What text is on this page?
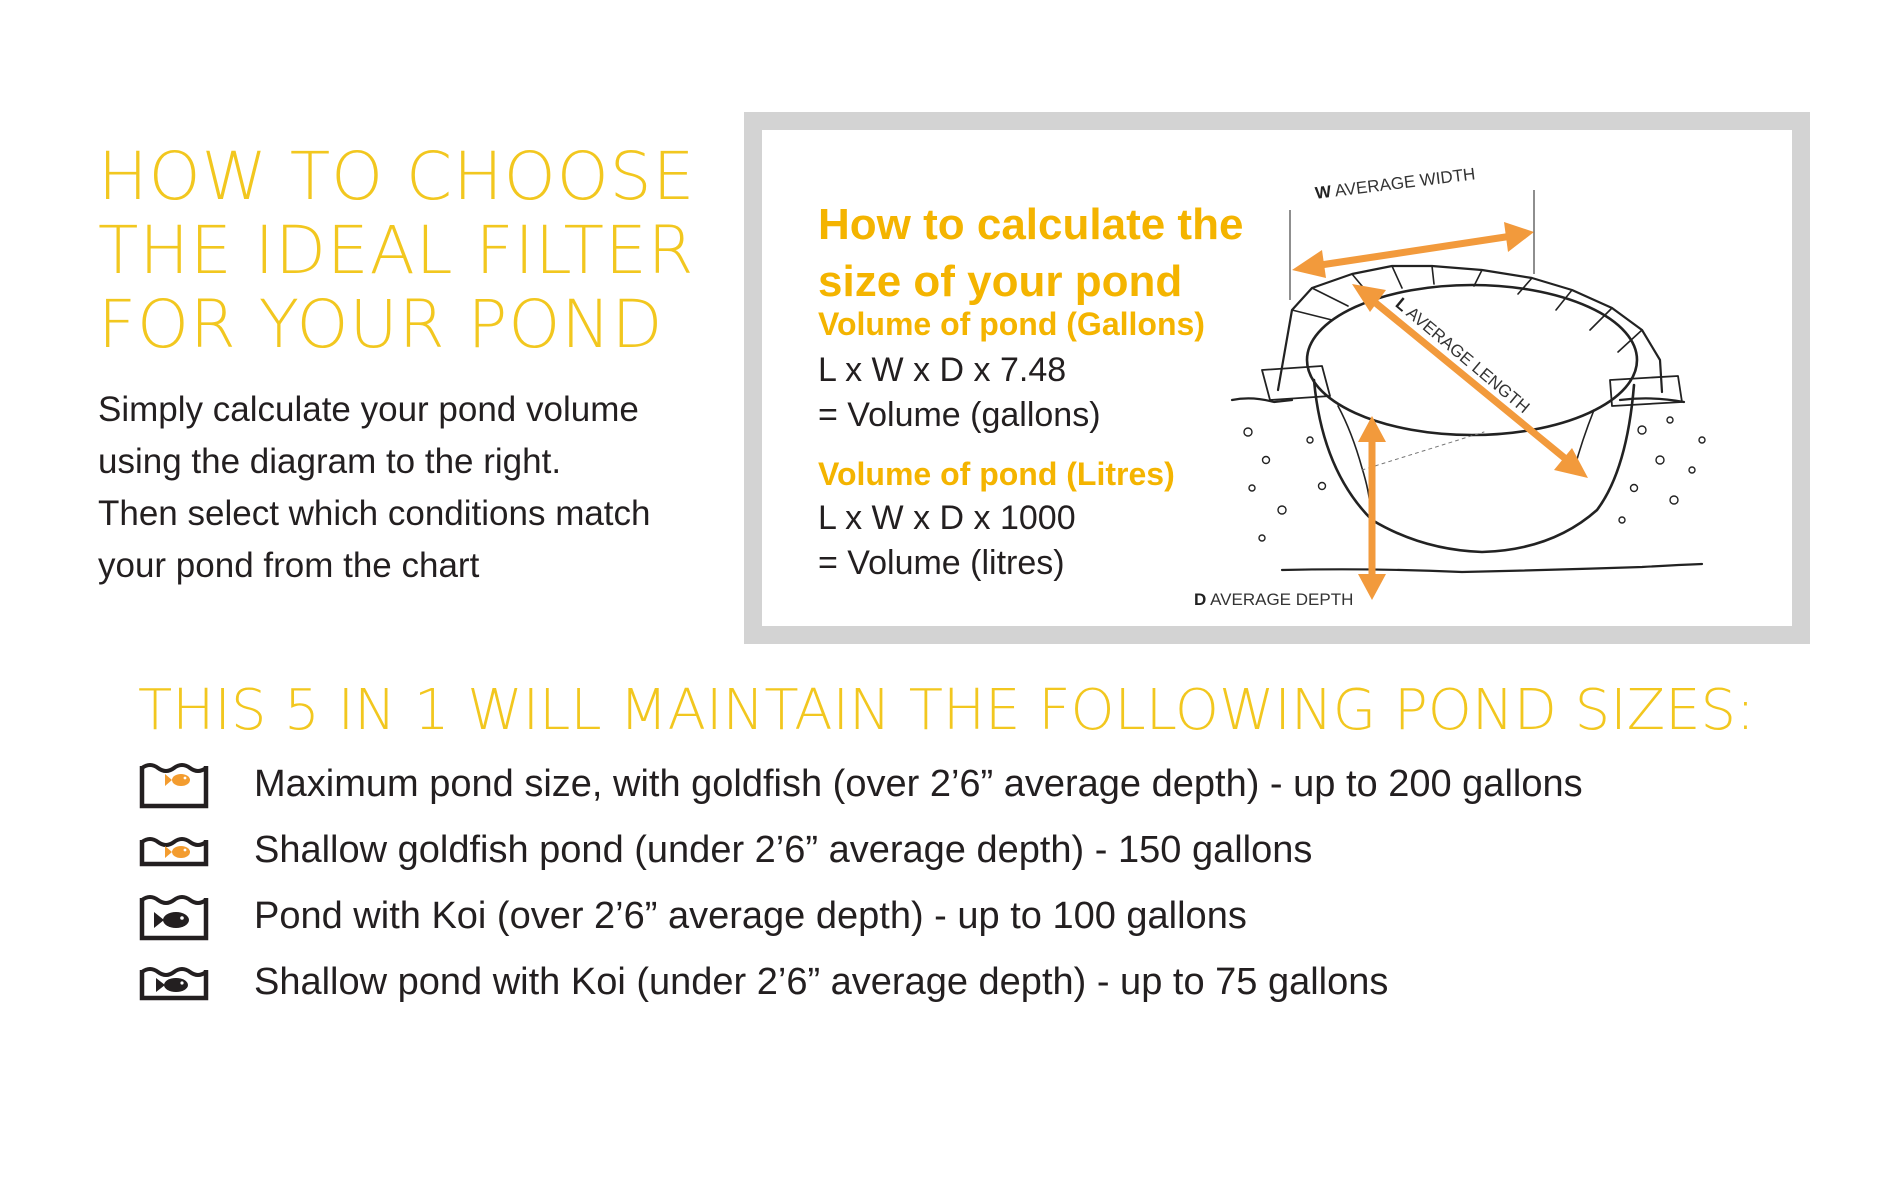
HOW TO CHOOSE
THE IDEAL FILTER
FOR YOUR POND
Simply calculate your pond volume
using the diagram to the right.
Then select which conditions match
your pond from the chart
How to calculate the
size of your pond
Volume of pond (Gallons)
L x W x D x 7.48
= Volume (gallons)
Volume of pond (Litres)
L x W x D x 1000
= Volume (litres)
W AVERAGE WIDTH
L AVERAGE LENGTH
D AVERAGE DEPTH
THIS 5 IN 1 WILL MAINTAIN THE FOLLOWING POND SIZES:
Maximum pond size, with goldfish (over 2’6” average depth) - up to 200 gallons
Shallow goldfish pond (under 2’6” average depth) - 150 gallons
Pond with Koi (over 2’6” average depth) - up to 100 gallons
Shallow pond with Koi (under 2’6” average depth) - up to 75 gallons
